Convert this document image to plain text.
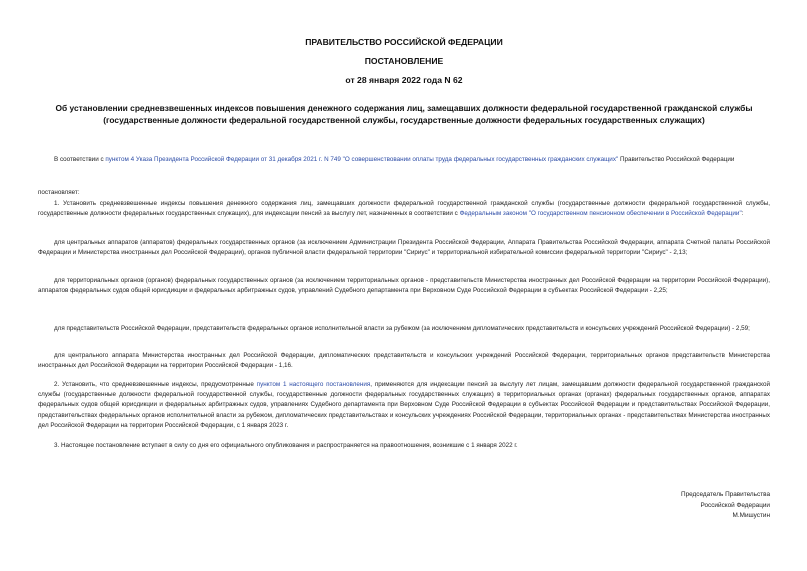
ПРАВИТЕЛЬСТВО РОССИЙСКОЙ ФЕДЕРАЦИИ
ПОСТАНОВЛЕНИЕ
от 28 января 2022 года N 62
Об установлении средневзвешенных индексов повышения денежного содержания лиц, замещавших должности федеральной государственной гражданской службы (государственные должности федеральной государственной службы, государственные должности федеральных государственных служащих)
В соответствии с пунктом 4 Указа Президента Российской Федерации от 31 декабря 2021 г. N 749 "О совершенствовании оплаты труда федеральных государственных гражданских служащих" Правительство Российской Федерации
постановляет:
1. Установить средневзвешенные индексы повышения денежного содержания лиц, замещавших должности федеральной государственной гражданской службы (государственные должности федеральной государственной службы, государственные должности федеральных государственных служащих), для индексации пенсий за выслугу лет, назначенных в соответствии с Федеральным законом "О государственном пенсионном обеспечении в Российской Федерации":
для центральных аппаратов (аппаратов) федеральных государственных органов (за исключением Администрации Президента Российской Федерации, Аппарата Правительства Российской Федерации, аппарата Счетной палаты Российской Федерации и Министерства иностранных дел Российской Федерации), органов публичной власти федеральной территории "Сириус" и территориальной избирательной комиссии федеральной территории "Сириус" - 2,13;
для территориальных органов (органов) федеральных государственных органов (за исключением территориальных органов - представительств Министерства иностранных дел Российской Федерации на территории Российской Федерации), аппаратов федеральных судов общей юрисдикции и федеральных арбитражных судов, управлений Судебного департамента при Верховном Суде Российской Федерации в субъектах Российской Федерации - 2,25;
для представительств Российской Федерации, представительств федеральных органов исполнительной власти за рубежом (за исключением дипломатических представительств и консульских учреждений Российской Федерации) - 2,59;
для центрального аппарата Министерства иностранных дел Российской Федерации, дипломатических представительств и консульских учреждений Российской Федерации, территориальных органов представительств Министерства иностранных дел Российской Федерации на территории Российской Федерации - 1,16.
2. Установить, что средневзвешенные индексы, предусмотренные пунктом 1 настоящего постановления, применяются для индексации пенсий за выслугу лет лицам, замещавшим должности федеральной государственной гражданской службы (государственные должности федеральной государственной службы, государственные должности федеральных государственных служащих) в территориальных органах (органах) федеральных государственных органов, аппаратах федеральных судов общей юрисдикции и федеральных арбитражных судов, управлениях Судебного департамента при Верховном Суде Российской Федерации в субъектах Российской Федерации и представительствах Российской Федерации, представительствах федеральных органов исполнительной власти за рубежом, дипломатических представительствах и консульских учреждениях Российской Федерации, территориальных органах - представительствах Министерства иностранных дел Российской Федерации на территории Российской Федерации, с 1 января 2023 г.
3. Настоящее постановление вступает в силу со дня его официального опубликования и распространяется на правоотношения, возникшие с 1 января 2022 г.
Председатель Правительства
Российской Федерации
М.Мишустин
